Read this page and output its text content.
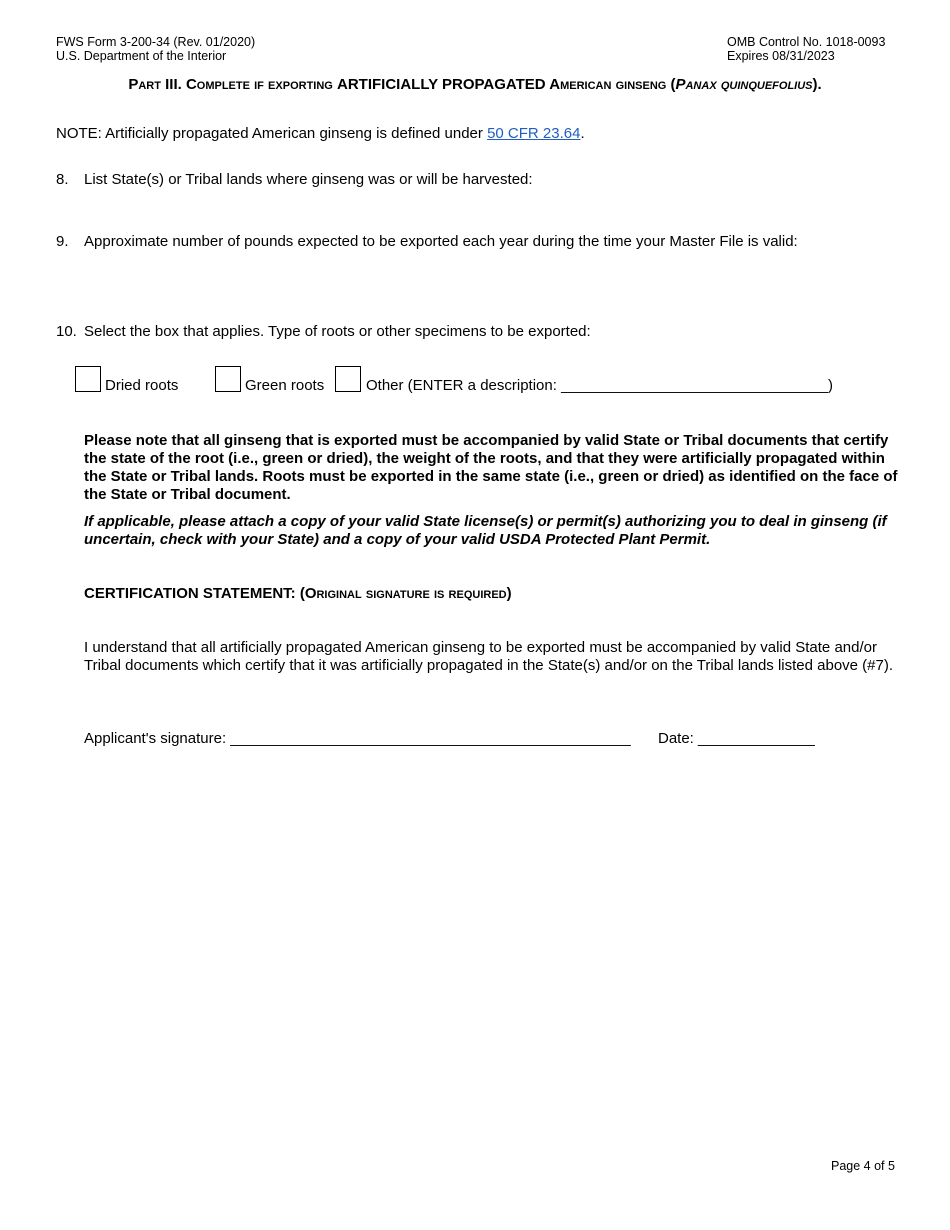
FWS Form 3-200-34 (Rev. 01/2020)
U.S. Department of the Interior
OMB Control No. 1018-0093
Expires 08/31/2023
Part III. Complete if exporting ARTIFICIALLY PROPAGATED American ginseng (Panax quinquefolius).
NOTE: Artificially propagated American ginseng is defined under 50 CFR 23.64.
8. List State(s) or Tribal lands where ginseng was or will be harvested:
9. Approximate number of pounds expected to be exported each year during the time your Master File is valid:
10. Select the box that applies. Type of roots or other specimens to be exported:
Dried roots	Green roots	Other (ENTER a description: ________________________________)
Please note that all ginseng that is exported must be accompanied by valid State or Tribal documents that certify the state of the root (i.e., green or dried), the weight of the roots, and that they were artificially propagated within the State or Tribal lands. Roots must be exported in the same state (i.e., green or dried) as identified on the face of the State or Tribal document.
If applicable, please attach a copy of your valid State license(s) or permit(s) authorizing you to deal in ginseng (if uncertain, check with your State) and a copy of your valid USDA Protected Plant Permit.
CERTIFICATION STATEMENT: (Original signature is required)
I understand that all artificially propagated American ginseng to be exported must be accompanied by valid State and/or Tribal documents which certify that it was artificially propagated in the State(s) and/or on the Tribal lands listed above (#7).
Applicant's signature: ________________________________________________ Date: ______________
Page 4 of 5
